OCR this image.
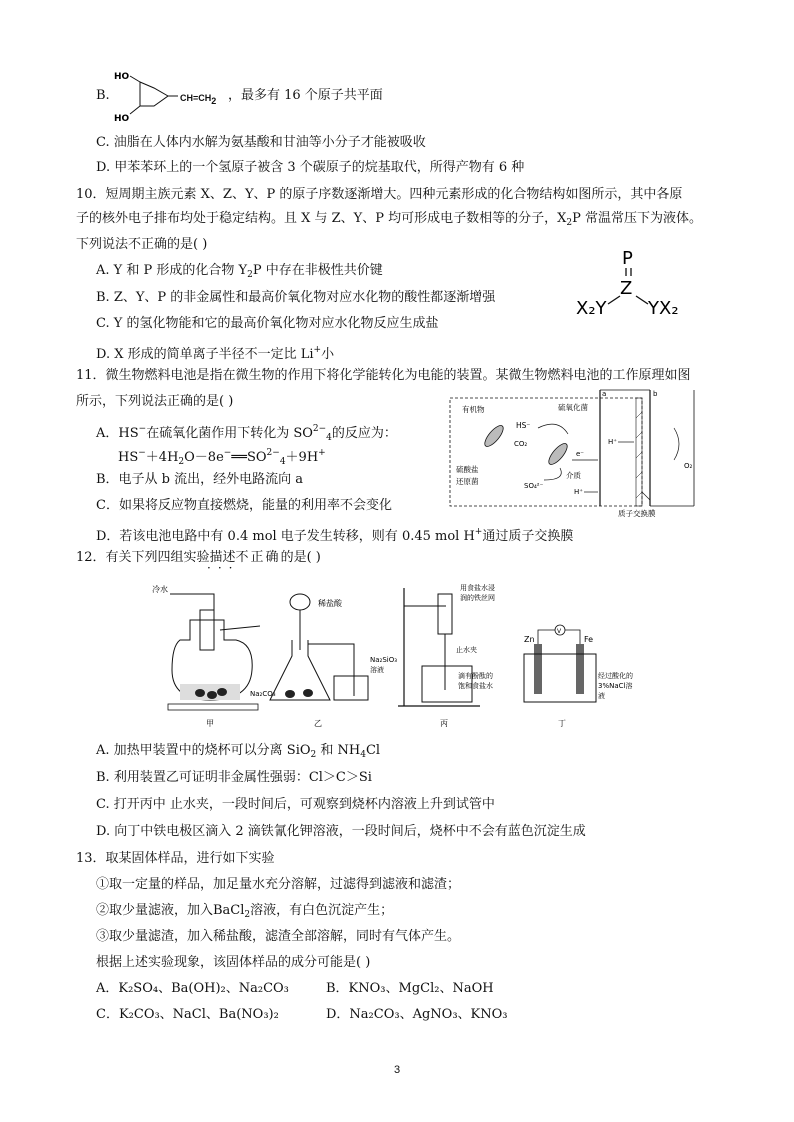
B.
HO
HO
CH=CH2 ，最多有 16 个原子共平面
C. 油脂在人体内水解为氨基酸和甘油等小分子才能被吸收
D. 甲苯苯环上的一个氢原子被含 3 个碳原子的烷基取代，所得产物有 6 种
10．短周期主族元素 X、Z、Y、P 的原子序数逐渐增大。四种元素形成的化合物结构如图所示，其中各原
子的核外电子排布均处于稳定结构。且 X 与 Z、Y、P 均可形成电子数相等的分子，$X_2P$ 常温常压下为液体。
下列说法不正确的是( )
A. Y 和 P 形成的化合物 $Y_2P$ 中存在非极性共价键
B. Z、Y、P 的非金属性和最高价氧化物对应水化物的酸性都逐渐增强
C. Y 的氢化物能和它的最高价氧化物对应水化物反应生成盐
D. X 形成的简单离子半径不一定比 Li+小
P
Z
X₂Y YX₂
11．微生物燃料电池是指在微生物的作用下将化学能转化为电能的装置。某微生物燃料电池的工作原理如图
所示，下列说法正确的是( )
A．HS−在硫氧化菌作用下转化为 $SO^{2-}_4$的反应为：
$HS^-+4H_2O-8e^-══SO^{2-}_4+9H^+$
B．电子从 b 流出，经外电路流向 a
C．如果将反应物直接燃烧，能量的利用率不会变化
D．若该电池电路中有 0.4 mol 电子发生转移，则有 0.45 mol H+通过质子交换膜
a	b
有机物
HS⁻
CO₂
硫氧化菌
硫酸盐
还原菌	SO₄²⁻
e⁻
介质
H⁺
H⁺
O₂
质子交换膜
12．有关下列四组实验描述不正确的是( )
···
冷水
甲
稀盐酸
Na₂CO₃
Na₂SiO₃
溶液
乙
用食盐水浸
润的铁丝网
止水夹
滴有酚酞的
饱和食盐水
丙
Zn	Fe
V
经过酸化的
3%NaCl溶
液
丁
A. 加热甲装置中的烧杯可以分离 SiO$_2$ 和 $NH_4Cl$
B. 利用装置乙可证明非金属性强弱：Cl＞C＞Si
C. 打开丙中 止水夹，一段时间后，可观察到烧杯内溶液上升到试管中
D. 向丁中铁电极区滴入 2 滴铁氰化钾溶液，一段时间后，烧杯中不会有蓝色沉淀生成
13．取某固体样品，进行如下实验
①取一定量的样品，加足量水充分溶解，过滤得到滤液和滤渣；
②取少量滤液，加入BaCl$_2$溶液，有白色沉淀产生；
③取少量滤渣，加入稀盐酸，滤渣全部溶解，同时有气体产生。
根据上述实验现象，该固体样品的成分可能是( )
A．K₂SO₄、Ba(OH)₂、Na₂CO₃	B．KNO₃、MgCl₂、NaOH
C．K₂CO₃、NaCl、Ba(NO₃)₂	D．Na₂CO₃、AgNO₃、KNO₃
3
